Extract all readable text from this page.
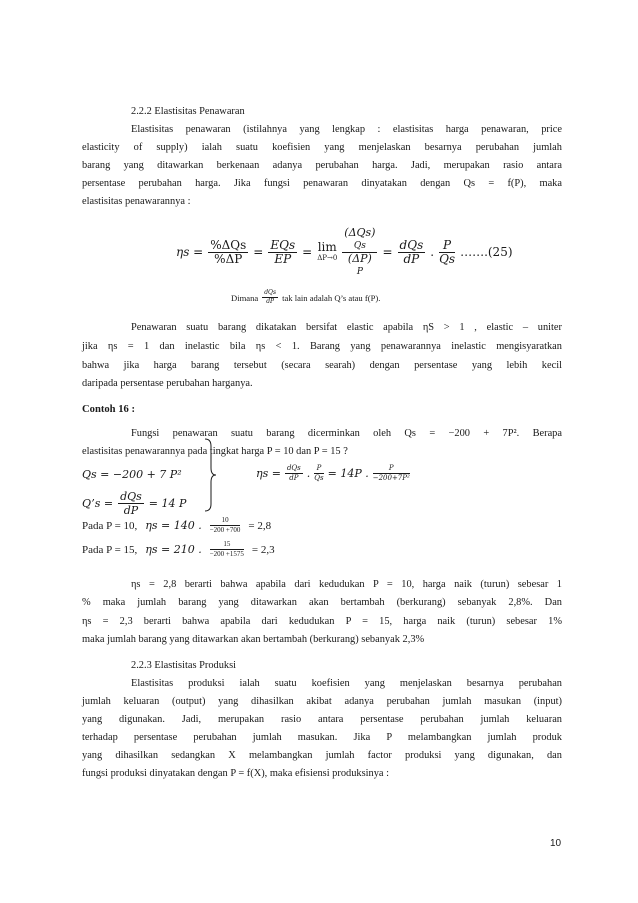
2.2.2 Elastisitas Penawaran
Elastisitas penawaran (istilahnya yang lengkap : elastisitas harga penawaran, price
elasticity of supply) ialah suatu koefisien yang menjelaskan besarnya perubahan jumlah
barang yang ditawarkan berkenaan adanya perubahan harga. Jadi, merupakan rasio antara
persentase perubahan harga. Jika fungsi penawaran dinyatakan dengan Qs = f(P), maka
elastisitas penawarannya :
$\eta s = \frac{\text{\%ΔQs}}{\%\Delta P} = \frac{\text{EQs}}{EP} = \lim$
ΔP→0
(ΔQs)
Qs
(ΔP)
P
= $\frac{\text{dQs}}{dP}$ . $\frac{P}{Qs}$ …….(25)
Dimana $\frac{\text{dQs}}{dP}$ tak lain adalah Q’s atau f(P).
Penawaran suatu barang dikatakan bersifat elastic apabila ηS > 1 , elastic – uniter
jika ηs = 1 dan inelastic bila ηs < 1. Barang yang penawarannya inelastic mengisyaratkan
bahwa jika harga barang tersebut (secara searah) dengan persentase yang lebih kecil
daripada persentase perubahan harganya.
Contoh 16 :
Fungsi penawaran suatu barang dicerminkan oleh Qs = −200 + 7P². Berapa
elastisitas penawarannya pada tingkat harga P = 10 dan P = 15 ?
Qs = −200 + 7 P²
Q’s = $\frac{\text{dQs}}{dP} = 14$ P
$\eta s = \frac{\text{dQs}}{dP}$ . $\frac{P}{Qs} = 14P$ . $\frac{P}{\text{−200+7P²}}$
Pada P = 10, ηs = 140 . $\frac{10}{-200 +700} = 2,8$
Pada P = 15, ηs = 210 . $\frac{15}{-200 +1575} = 2,3$
ηs = 2,8 berarti bahwa apabila dari kedudukan P = 10, harga naik (turun) sebesar 1
% maka jumlah barang yang ditawarkan akan bertambah (berkurang) sebanyak 2,8%. Dan
ηs = 2,3 berarti bahwa apabila dari kedudukan P = 15, harga naik (turun) sebesar 1%
maka jumlah barang yang ditawarkan akan bertambah (berkurang) sebanyak 2,3%
2.2.3 Elastisitas Produksi
Elastisitas produksi ialah suatu koefisien yang menjelaskan besarnya perubahan
jumlah keluaran (output) yang dihasilkan akibat adanya perubahan jumlah masukan (input)
yang digunakan. Jadi, merupakan rasio antara persentase perubahan jumlah keluaran
terhadap persentase perubahan jumlah masukan. Jika P melambangkan jumlah produk
yang dihasilkan sedangkan X melambangkan jumlah factor produksi yang digunakan, dan
fungsi produksi dinyatakan dengan P = f(X), maka efisiensi produksinya :
10
